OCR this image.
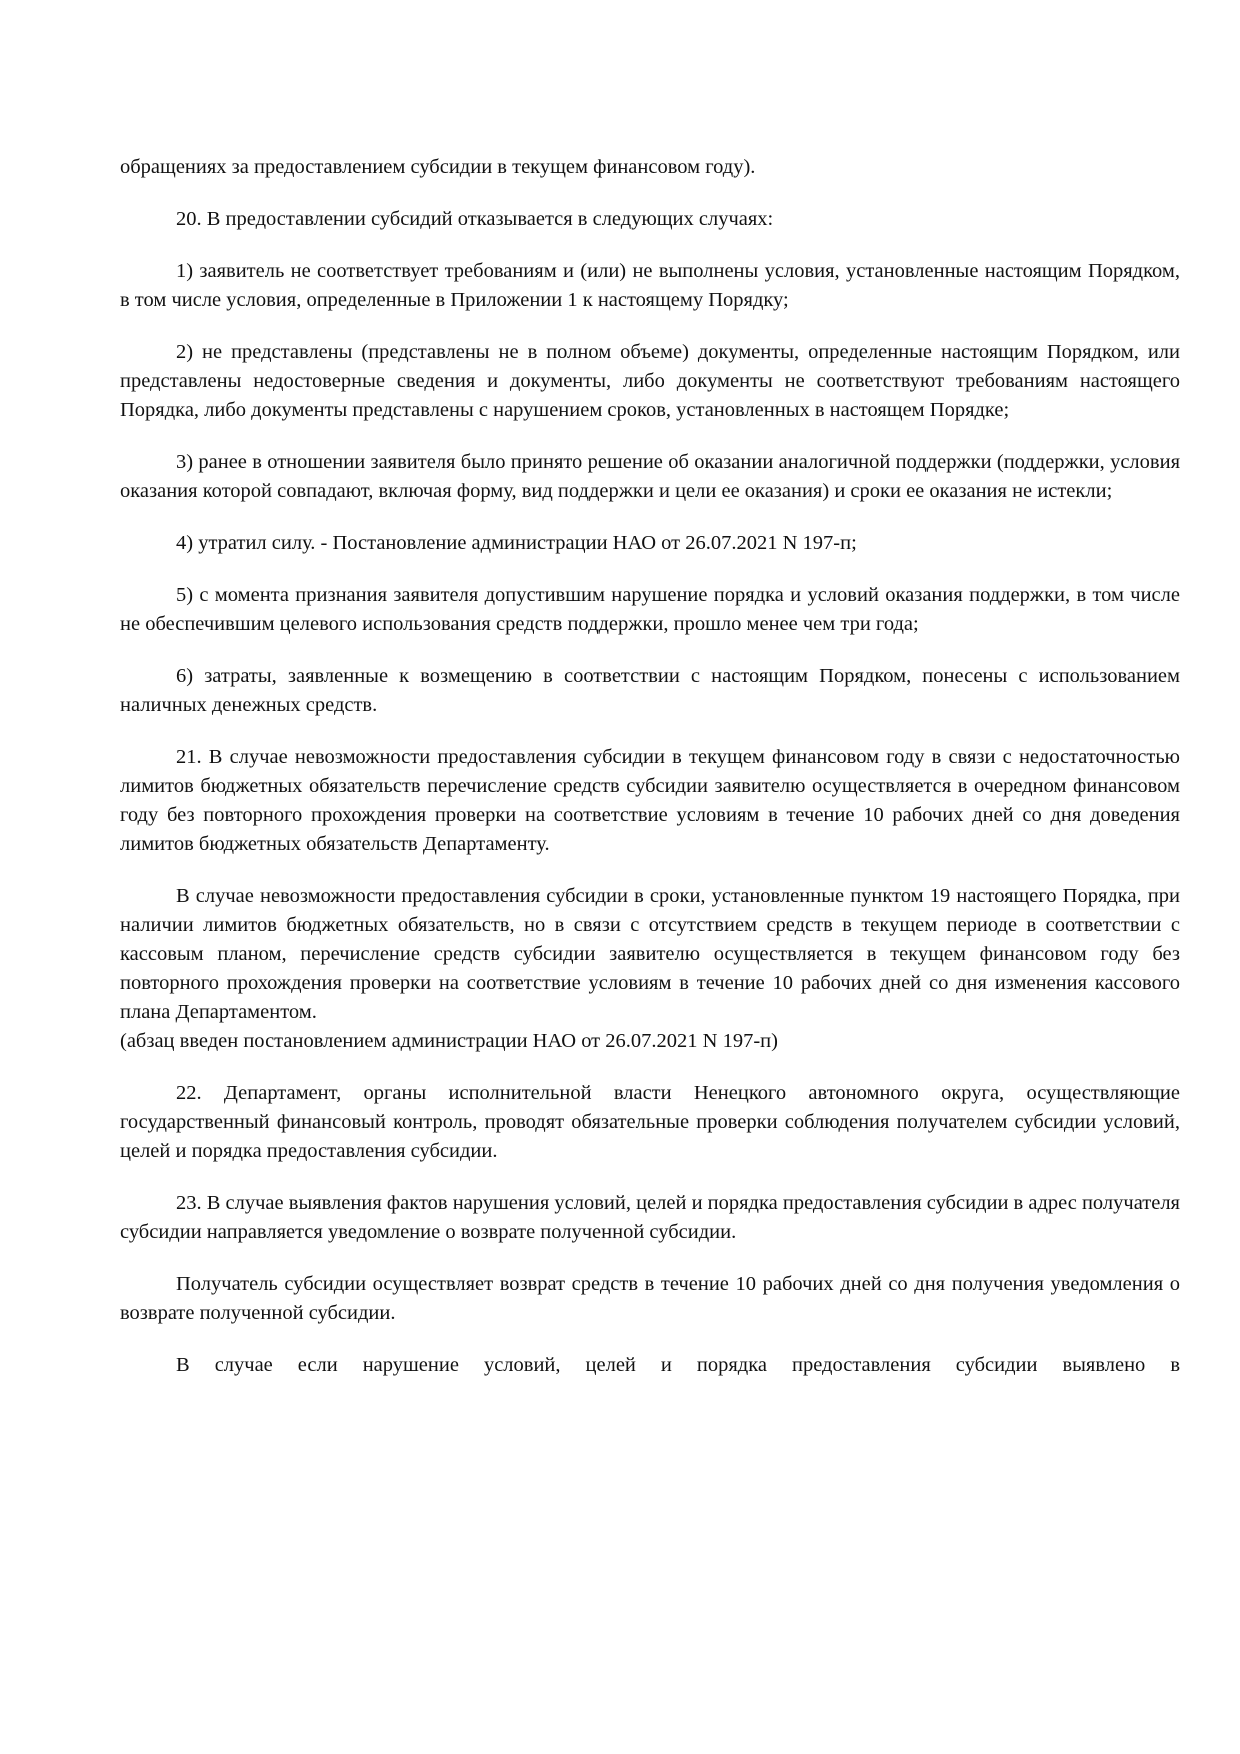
обращениях за предоставлением субсидии в текущем финансовом году).

20. В предоставлении субсидий отказывается в следующих случаях:

1) заявитель не соответствует требованиям и (или) не выполнены условия, установленные настоящим Порядком, в том числе условия, определенные в Приложении 1 к настоящему Порядку;

2) не представлены (представлены не в полном объеме) документы, определенные настоящим Порядком, или представлены недостоверные сведения и документы, либо документы не соответствуют требованиям настоящего Порядка, либо документы представлены с нарушением сроков, установленных в настоящем Порядке;

3) ранее в отношении заявителя было принято решение об оказании аналогичной поддержки (поддержки, условия оказания которой совпадают, включая форму, вид поддержки и цели ее оказания) и сроки ее оказания не истекли;

4) утратил силу. - Постановление администрации НАО от 26.07.2021 N 197-п;

5) с момента признания заявителя допустившим нарушение порядка и условий оказания поддержки, в том числе не обеспечившим целевого использования средств поддержки, прошло менее чем три года;

6) затраты, заявленные к возмещению в соответствии с настоящим Порядком, понесены с использованием наличных денежных средств.

21. В случае невозможности предоставления субсидии в текущем финансовом году в связи с недостаточностью лимитов бюджетных обязательств перечисление средств субсидии заявителю осуществляется в очередном финансовом году без повторного прохождения проверки на соответствие условиям в течение 10 рабочих дней со дня доведения лимитов бюджетных обязательств Департаменту.

В случае невозможности предоставления субсидии в сроки, установленные пунктом 19 настоящего Порядка, при наличии лимитов бюджетных обязательств, но в связи с отсутствием средств в текущем периоде в соответствии с кассовым планом, перечисление средств субсидии заявителю осуществляется в текущем финансовом году без повторного прохождения проверки на соответствие условиям в течение 10 рабочих дней со дня изменения кассового плана Департаментом.

(абзац введен постановлением администрации НАО от 26.07.2021 N 197-п)

22. Департамент, органы исполнительной власти Ненецкого автономного округа, осуществляющие государственный финансовый контроль, проводят обязательные проверки соблюдения получателем субсидии условий, целей и порядка предоставления субсидии.

23. В случае выявления фактов нарушения условий, целей и порядка предоставления субсидии в адрес получателя субсидии направляется уведомление о возврате полученной субсидии.

Получатель субсидии осуществляет возврат средств в течение 10 рабочих дней со дня получения уведомления о возврате полученной субсидии.

В случае если нарушение условий, целей и порядка предоставления субсидии выявлено в
